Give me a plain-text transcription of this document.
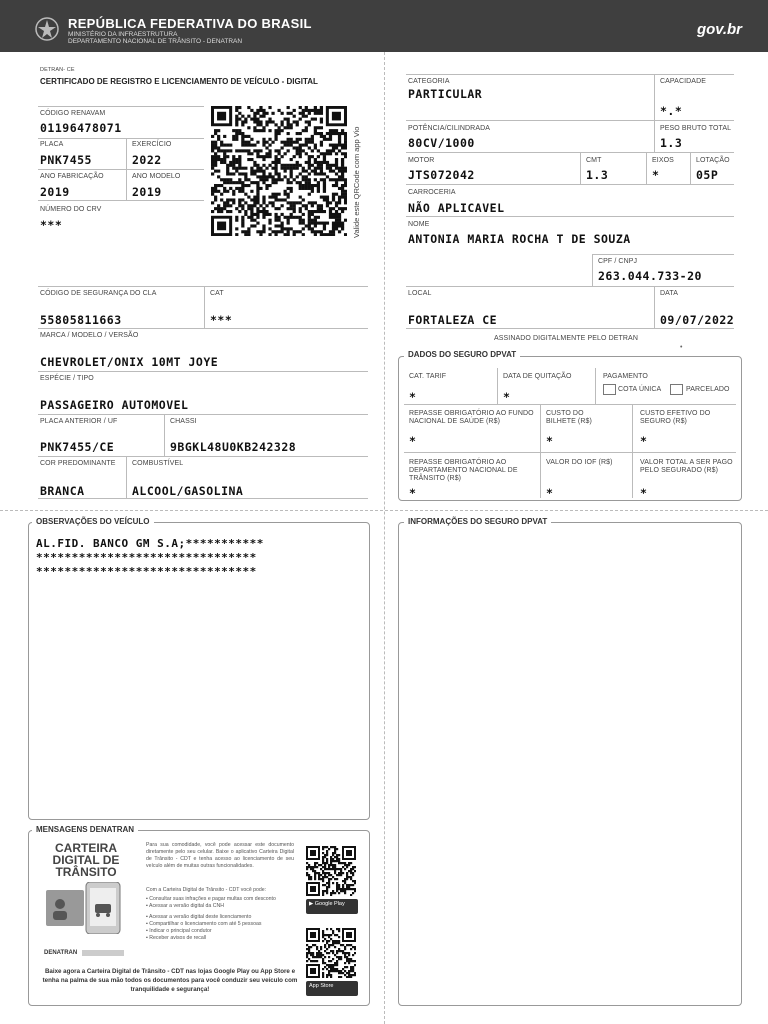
REPÚBLICA FEDERATIVA DO BRASIL
MINISTÉRIO DA INFRAESTRUTURA
DEPARTAMENTO NACIONAL DE TRÂNSITO - DENATRAN
gov.br
DETRAN- CE
CERTIFICADO DE REGISTRO E LICENCIAMENTO DE VEÍCULO - DIGITAL
CÓDIGO RENAVAM
01196478071
PLACA
PNK7455
EXERCÍCIO
2022
ANO FABRICAÇÃO
2019
ANO MODELO
2019
NÚMERO DO CRV
***	Valide este QRCode com app Vio
CÓDIGO DE SEGURANÇA DO CLA
55805811663
CAT
***
MARCA / MODELO / VERSÃO
CHEVROLET/ONIX 10MT JOYE
ESPÉCIE / TIPO
PASSAGEIRO AUTOMOVEL
PLACA ANTERIOR / UF
PNK7455/CE
CHASSI
9BGKL48U0KB242328
COR PREDOMINANTE
BRANCA
COMBUSTÍVEL
ALCOOL/GASOLINA
CATEGORIA
PARTICULAR
CAPACIDADE
*.*
POTÊNCIA/CILINDRADA
80CV/1000
PESO BRUTO TOTAL
1.3
MOTOR
JTS072042
CMT
1.3
EIXOS
*
LOTAÇÃO
05P
CARROCERIA
NÃO APLICAVEL
NOME
ANTONIA MARIA ROCHA T DE SOUZA
CPF / CNPJ
263.044.733-20
LOCAL
FORTALEZA CE
DATA
09/07/2022
ASSINADO DIGITALMENTE PELO DETRAN
•
DADOS DO SEGURO DPVAT
CAT. TARIF
*
DATA DE QUITAÇÃO
*
PAGAMENTO
COTA ÚNICA	PARCELADO
REPASSE OBRIGATÓRIO AO FUNDO NACIONAL DE SAÚDE (R$)
*
CUSTO DO BILHETE (R$)
*
CUSTO EFETIVO DO SEGURO (R$)
*
REPASSE OBRIGATÓRIO AO DEPARTAMENTO NACIONAL DE TRÂNSITO (R$)
*
VALOR DO IOF (R$)
*
VALOR TOTAL A SER PAGO PELO SEGURADO (R$)
*
OBSERVAÇÕES DO VEÍCULO
AL.FID. BANCO GM S.A;***********
*******************************
*******************************
INFORMAÇÕES DO SEGURO DPVAT
MENSAGENS DENATRAN
CARTEIRA
DIGITAL DE
TRÂNSITO
DENATRAN
Para sua comodidade, você pode acessar este documento diretamente pelo seu celular. Baixe o aplicativo Carteira Digital de Trânsito - CDT e tenha acesso ao licenciamento de seu veículo além de muitas outras funcionalidades.
Com a Carteira Digital de Trânsito - CDT você pode:
▪ Consultar suas infrações e pagar multas com desconto
▪ Acessar a versão digital da CNH
▪ Acessar a versão digital deste licenciamento
▪ Compartilhar o licenciamento com até 5 pessoas
▪ Indicar o principal condutor
▪ Receber avisos de recall
▶ Google Play
App Store
Baixe agora a Carteira Digital de Trânsito - CDT nas lojas Google Play ou App Store e tenha na palma de sua mão todos os documentos para você conduzir seu veículo com tranquilidade e segurança!
